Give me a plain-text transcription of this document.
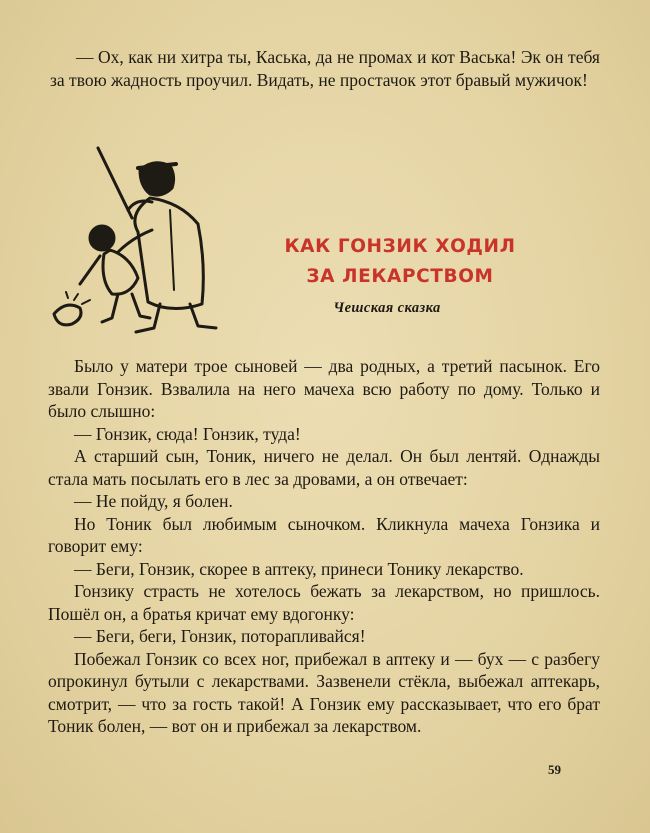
— Ох, как ни хитра ты, Каська, да не промах и кот Васька! Эк он тебя за твою жадность проучил. Видать, не простачок этот бравый мужичок!

КАК ГОНЗИК ХОДИЛ
ЗА ЛЕКАРСТВОМ
Чешская сказка

Было у матери трое сыновей — два родных, а третий пасынок. Его звали Гонзик. Взвалила на него мачеха всю работу по дому. Только и было слышно:

— Гонзик, сюда! Гонзик, туда!

А старший сын, Тоник, ничего не делал. Он был лентяй. Однажды стала мать посылать его в лес за дровами, а он отвечает:

— Не пойду, я болен.

Но Тоник был любимым сыночком. Кликнула мачеха Гонзика и говорит ему:

— Беги, Гонзик, скорее в аптеку, принеси Тонику лекарство.

Гонзику страсть не хотелось бежать за лекарством, но пришлось. Пошёл он, а братья кричат ему вдогонку:

— Беги, беги, Гонзик, поторапливайся!

Побежал Гонзик со всех ног, прибежал в аптеку и — бух — с разбегу опрокинул бутыли с лекарствами. Зазвенели стёкла, выбежал аптекарь, смотрит, — что за гость такой! А Гонзик ему рассказывает, что его брат Тоник болен, — вот он и прибежал за лекарством.

59
